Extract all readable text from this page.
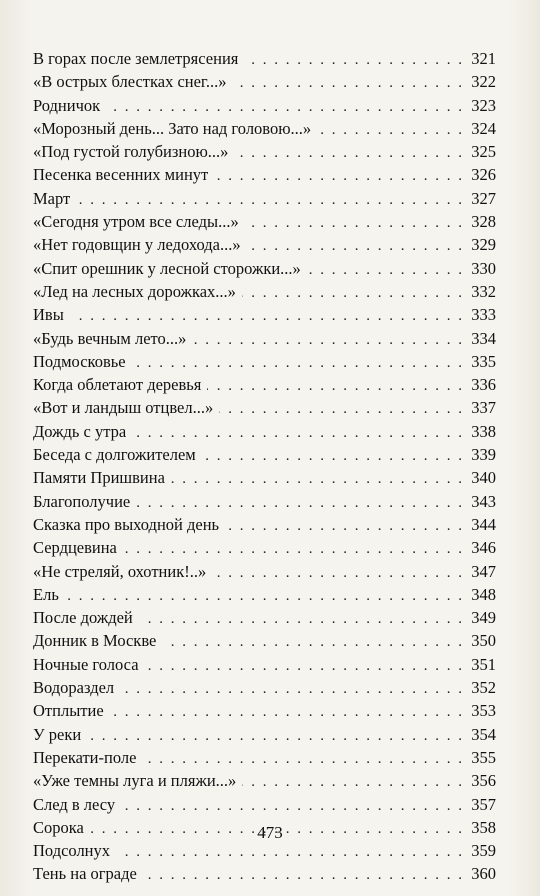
В горах после землетрясения . . .	321
«В острых блестках снег...» . . .	322
Родничок . . .	323
«Морозный день... Зато над головою...» . . .	324
«Под густой голубизною...» . . .	325
Песенка весенних минут . . .	326
Март . . .	327
«Сегодня утром все следы...» . . .	328
«Нет годовщин у ледохода...» . . .	329
«Спит орешник у лесной сторожки...» . . .	330
«Лед на лесных дорожках...» . . .	332
Ивы . . .	333
«Будь вечным лето...» . . .	334
Подмосковье . . .	335
Когда облетают деревья . . .	336
«Вот и ландыш отцвел...» . . .	337
Дождь с утра . . .	338
Беседа с долгожителем . . .	339
Памяти Пришвина . . .	340
Благополучие . . .	343
Сказка про выходной день . . .	344
Сердцевина . . .	346
«Не стреляй, охотник!..» . . .	347
Ель . . .	348
После дождей . . .	349
Донник в Москве . . .	350
Ночные голоса . . .	351
Водораздел . . .	352
Отплытие . . .	353
У реки . . .	354
Перекати-поле . . .	355
«Уже темны луга и пляжи...» . . .	356
След в лесу . . .	357
Сорока . . .	358
Подсолнух . . .	359
Тень на ограде . . .	360
473
